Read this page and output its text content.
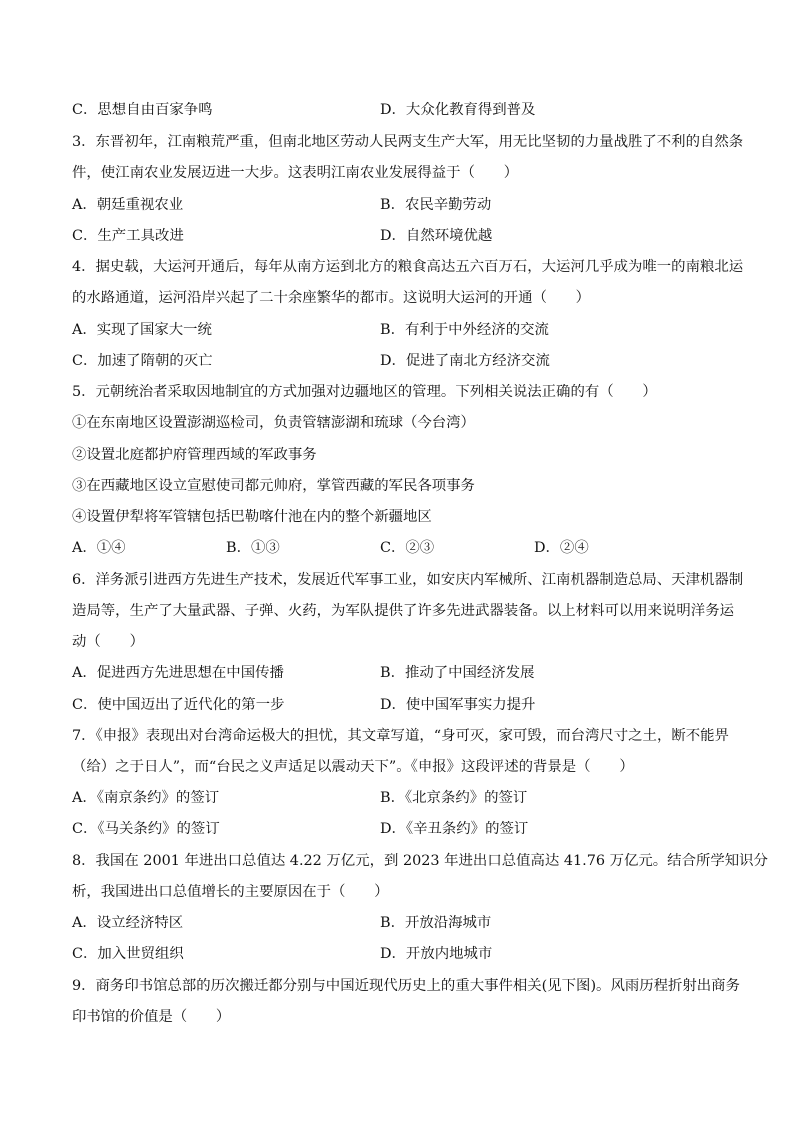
C．思想自由百家争鸣	D．大众化教育得到普及
3．东晋初年，江南粮荒严重，但南北地区劳动人民两支生产大军，用无比坚韧的力量战胜了不利的自然条
件，使江南农业发展迈进一大步。这表明江南农业发展得益于（　　）
A．朝廷重视农业	B．农民辛勤劳动
C．生产工具改进	D．自然环境优越
4．据史载，大运河开通后，每年从南方运到北方的粮食高达五六百万石，大运河几乎成为唯一的南粮北运
的水路通道，运河沿岸兴起了二十余座繁华的都市。这说明大运河的开通（　　）
A．实现了国家大一统	B．有利于中外经济的交流
C．加速了隋朝的灭亡	D．促进了南北方经济交流
5．元朝统治者采取因地制宜的方式加强对边疆地区的管理。下列相关说法正确的有（　　）
①在东南地区设置澎湖巡检司，负责管辖澎湖和琉球（今台湾）
②设置北庭都护府管理西域的军政事务
③在西藏地区设立宣慰使司都元帅府，掌管西藏的军民各项事务
④设置伊犁将军管辖包括巴勒喀什池在内的整个新疆地区
A．①④	B．①③	C．②③	D．②④
6．洋务派引进西方先进生产技术，发展近代军事工业，如安庆内军械所、江南机器制造总局、天津机器制
造局等，生产了大量武器、子弹、火药，为军队提供了许多先进武器装备。以上材料可以用来说明洋务运
动（　　）
A．促进西方先进思想在中国传播	B．推动了中国经济发展
C．使中国迈出了近代化的第一步	D．使中国军事实力提升
7．《申报》表现出对台湾命运极大的担忧，其文章写道，“身可灭，家可毁，而台湾尺寸之土，断不能畀
（给）之于日人”，而“台民之义声适足以震动天下”。《申报》这段评述的背景是（　　）
A．《南京条约》的签订	B．《北京条约》的签订
C．《马关条约》的签订	D．《辛丑条约》的签订
8．我国在 2001 年进出口总值达 4.22 万亿元，到 2023 年进出口总值高达 41.76 万亿元。结合所学知识分
析，我国进出口总值增长的主要原因在于（　　）
A．设立经济特区	B．开放沿海城市
C．加入世贸组织	D．开放内地城市
9．商务印书馆总部的历次搬迁都分别与中国近现代历史上的重大事件相关(见下图)。风雨历程折射出商务
印书馆的价值是（　　）
